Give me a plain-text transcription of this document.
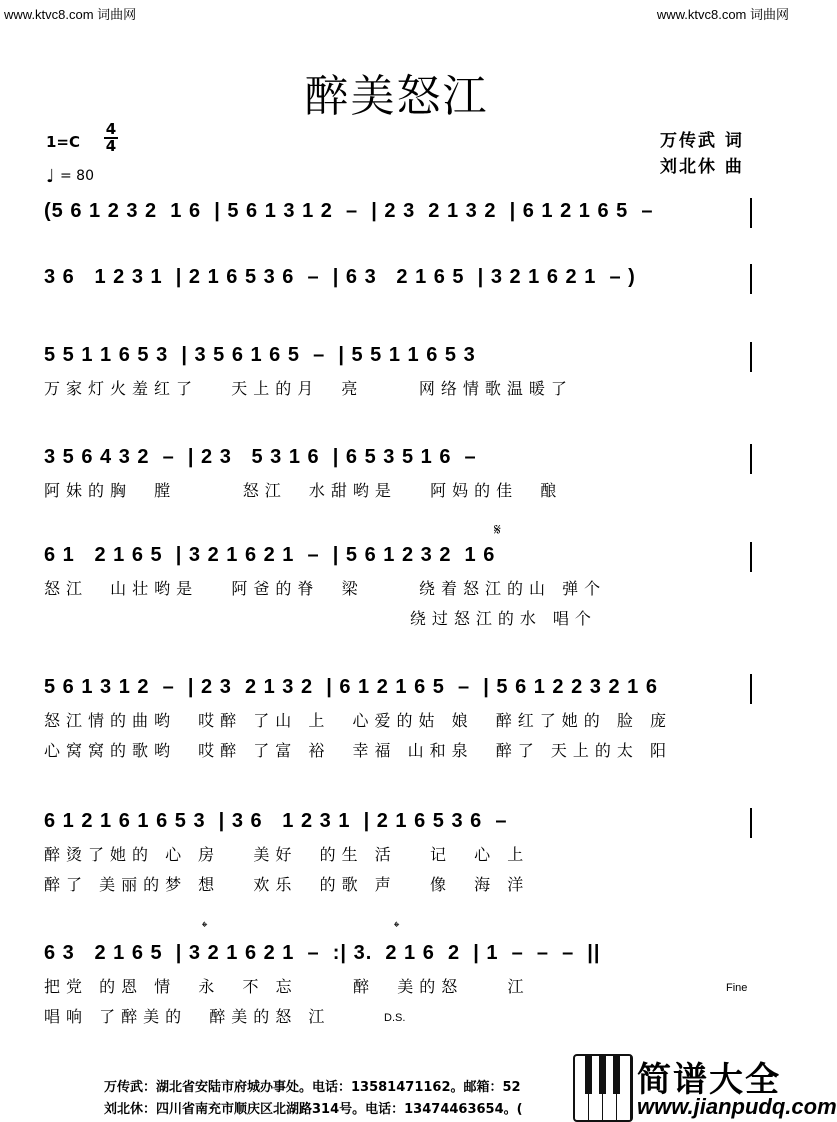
www.ktvc8.com 词曲网	www.ktvc8.com 词曲网
醉美怒江
1=C
4
4
♩ = 80
万传武 词
刘北休 曲
(5 6 1 2 3 2  1 6  | 5 6 1 3 1 2  –  | 2 3  2 1 3 2  | 6 1 2 1 6 5  –
3 6   1 2 3 1  | 2 1 6 5 3 6  –  | 6 3   2 1 6 5  | 3 2 1 6 2 1  – )
5 5 1 1 6 5 3  | 3 5 6 1 6 5  –  | 5 5 1 1 6 5 3
万家灯火羞红了   天上的月  亮     网络情歌温暖了
3 5 6 4 3 2  –  | 2 3   5 3 1 6  | 6 5 3 5 1 6  –
阿妹的胸  膛      怒江  水甜哟是   阿妈的佳  酿
𝄋
6 1   2 1 6 5  | 3 2 1 6 2 1  –  | 5 6 1 2 3 2  1 6
怒江  山壮哟是   阿爸的脊  梁     绕着怒江的山 弹个
绕过怒江的水 唱个
5 6 1 3 1 2  –  | 2 3  2 1 3 2  | 6 1 2 1 6 5  –  | 5 6 1 2 2 3 2 1 6
怒江情的曲哟  哎醉 了山 上  心爱的姑 娘  醉红了她的 脸 庞
心窝窝的歌哟  哎醉 了富 裕  幸福 山和泉  醉了 天上的太 阳
6 1 2 1 6 1 6 5 3  | 3 6   1 2 3 1  | 2 1 6 5 3 6  –
醉烫了她的 心 房   美好  的生 活   记  心 上
醉了 美丽的梦 想   欢乐  的歌 声   像  海 洋
𝄌	𝄌
6 3   2 1 6 5  | 3 2 1 6 2 1  –  :| 3.  2 1 6  2  | 1  –  –  –  ||
把党 的恩 情  永  不 忘     醉  美的怒    江
唱响 了醉美的  醉美的怒 江
Fine
D.S.
万传武：湖北省安陆市府城办事处。电话：13581471162。邮箱：52
刘北休：四川省南充市顺庆区北湖路314号。电话：13474463654。(
简谱大全
www.jianpudq.com
